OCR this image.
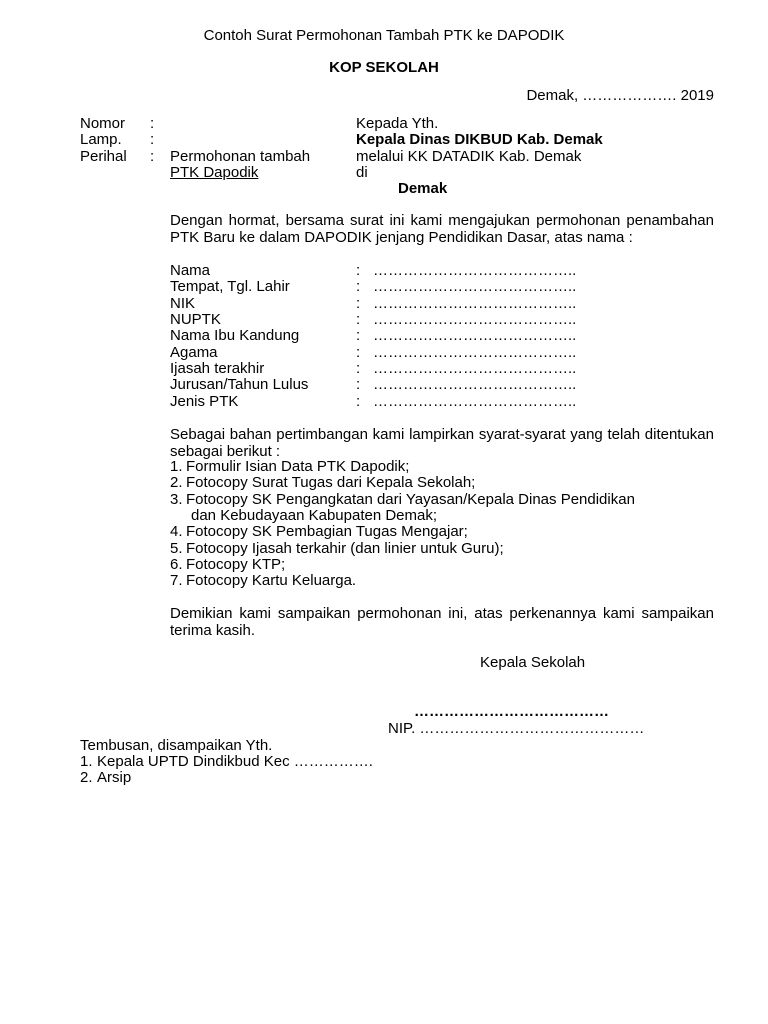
Contoh Surat Permohonan Tambah PTK ke DAPODIK
KOP SEKOLAH
Demak, ………………. 2019
Nomor :
Lamp. :
Perihal : Permohonan tambah
PTK Dapodik
Kepada Yth.
Kepala Dinas DIKBUD Kab. Demak
melalui KK DATADIK Kab. Demak
di
Demak
Dengan hormat, bersama surat ini kami mengajukan permohonan penambahan PTK Baru ke dalam DAPODIK jenjang Pendidikan Dasar, atas nama :
Nama	: …………………………………..
Tempat, Tgl. Lahir	: …………………………………..
NIK	: …………………………………..
NUPTK	: …………………………………..
Nama Ibu Kandung	: …………………………………..
Agama	: …………………………………..
Ijasah terakhir	: …………………………………..
Jurusan/Tahun Lulus	: …………………………………..
Jenis PTK	: …………………………………..
Sebagai bahan pertimbangan kami lampirkan syarat-syarat yang telah ditentukan sebagai berikut :
1. Formulir Isian Data PTK Dapodik;
2. Fotocopy Surat Tugas dari Kepala Sekolah;
3. Fotocopy SK Pengangkatan dari Yayasan/Kepala Dinas Pendidikan
dan Kebudayaan Kabupaten Demak;
4. Fotocopy SK Pembagian Tugas Mengajar;
5. Fotocopy Ijasah terkahir (dan linier untuk Guru);
6. Fotocopy KTP;
7. Fotocopy Kartu Keluarga.
Demikian kami sampaikan permohonan ini, atas perkenannya kami sampaikan terima kasih.
Kepala Sekolah
…………………………………
NIP. ………………………………………
Tembusan, disampaikan Yth.
1. Kepala UPTD Dindikbud Kec …………….
2. Arsip
